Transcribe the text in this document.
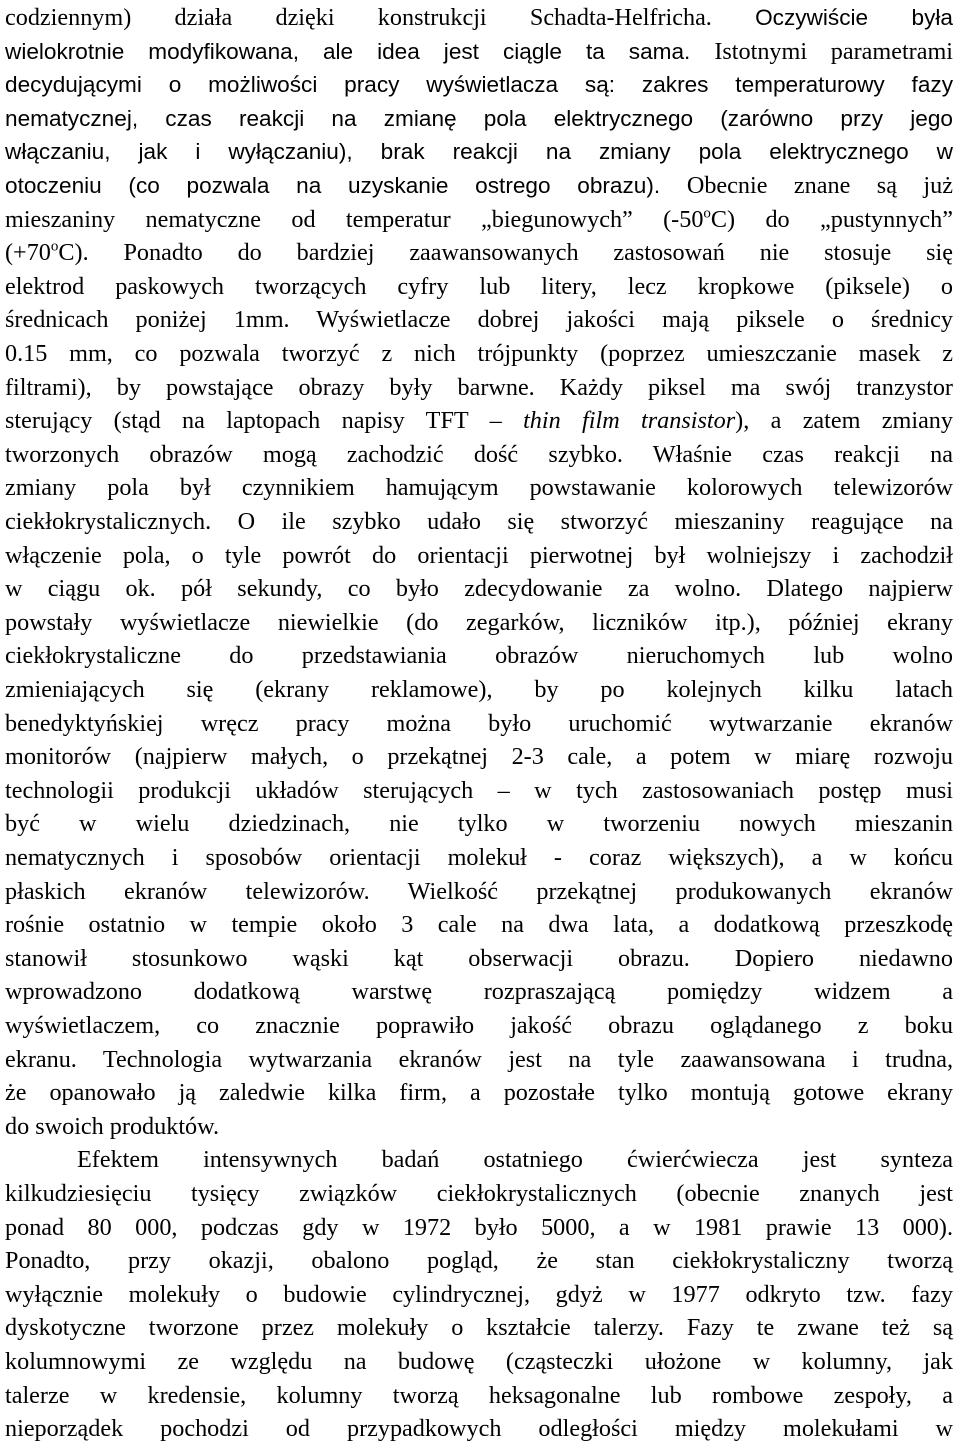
codziennym) działa dzięki konstrukcji Schadta-Helfricha. Oczywiście była
wielokrotnie modyfikowana, ale idea jest ciągle ta sama. Istotnymi parametrami
decydującymi o możliwości pracy wyświetlacza są: zakres temperaturowy fazy
nematycznej, czas reakcji na zmianę pola elektrycznego (zarówno przy jego
włączaniu, jak i wyłączaniu), brak reakcji na zmiany pola elektrycznego w
otoczeniu (co pozwala na uzyskanie ostrego obrazu). Obecnie znane są już
mieszaniny nematyczne od temperatur „biegunowych” (-50$^o$C) do „pustynnych”
$(+70^oC)$. Ponadto do bardziej zaawansowanych zastosowań nie stosuje się
elektrod paskowych tworzących cyfry lub litery, lecz kropkowe (piksele) o
średnicach poniżej 1mm. Wyświetlacze dobrej jakości mają piksele o średnicy
0.15 mm, co pozwala tworzyć z nich trójpunkty (poprzez umieszczanie masek z
filtrami), by powstające obrazy były barwne. Każdy piksel ma swój tranzystor
sterujący (stąd na laptopach napisy TFT – thin film transistor), a zatem zmiany
tworzonych obrazów mogą zachodzić dość szybko. Właśnie czas reakcji na
zmiany pola był czynnikiem hamującym powstawanie kolorowych telewizorów
ciekłokrystalicznych. O ile szybko udało się stworzyć mieszaniny reagujące na
włączenie pola, o tyle powrót do orientacji pierwotnej był wolniejszy i zachodził
w ciągu ok. pół sekundy, co było zdecydowanie za wolno. Dlatego najpierw
powstały wyświetlacze niewielkie (do zegarków, liczników itp.), później ekrany
ciekłokrystaliczne do przedstawiania obrazów nieruchomych lub wolno
zmieniających się (ekrany reklamowe), by po kolejnych kilku latach
benedyktyńskiej wręcz pracy można było uruchomić wytwarzanie ekranów
monitorów (najpierw małych, o przekątnej 2-3 cale, a potem w miarę rozwoju
technologii produkcji układów sterujących – w tych zastosowaniach postęp musi
być w wielu dziedzinach, nie tylko w tworzeniu nowych mieszanin
nematycznych i sposobów orientacji molekuł - coraz większych), a w końcu
płaskich ekranów telewizorów. Wielkość przekątnej produkowanych ekranów
rośnie ostatnio w tempie około 3 cale na dwa lata, a dodatkową przeszkodę
stanowił stosunkowo wąski kąt obserwacji obrazu. Dopiero niedawno
wprowadzono dodatkową warstwę rozpraszającą pomiędzy widzem a
wyświetlaczem, co znacznie poprawiło jakość obrazu oglądanego z boku
ekranu. Technologia wytwarzania ekranów jest na tyle zaawansowana i trudna,
że opanowało ją zaledwie kilka firm, a pozostałe tylko montują gotowe ekrany
do swoich produktów.
Efektem intensywnych badań ostatniego ćwierćwiecza jest synteza
kilkudziesięciu tysięcy związków ciekłokrystalicznych (obecnie znanych jest
ponad 80 000, podczas gdy w 1972 było 5000, a w 1981 prawie 13 000).
Ponadto, przy okazji, obalono pogląd, że stan ciekłokrystaliczny tworzą
wyłącznie molekuły o budowie cylindrycznej, gdyż w 1977 odkryto tzw. fazy
dyskotyczne tworzone przez molekuły o kształcie talerzy. Fazy te zwane też są
kolumnowymi ze względu na budowę (cząsteczki ułożone w kolumny, jak
talerze w kredensie, kolumny tworzą heksagonalne lub rombowe zespoły, a
nieporządek pochodzi od przypadkowych odległości między molekułami w
